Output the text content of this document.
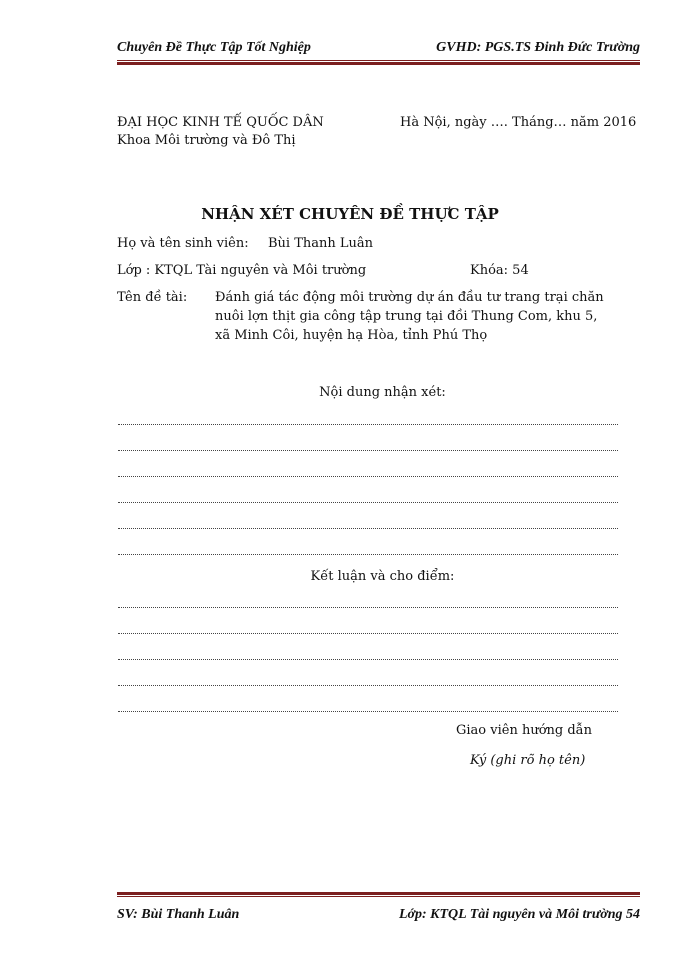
Chuyên Đề Thực Tập Tốt Nghiệp	GVHD: PGS.TS Đinh Đức Trường
ĐẠI HỌC KINH TẾ QUỐC DÂN
Khoa Môi trường và Đô Thị
Hà Nội, ngày …. Tháng… năm 2016
NHẬN XÉT CHUYÊN ĐỀ THỰC TẬP
Họ và tên sinh viên: Bùi Thanh Luân
Lớp : KTQL Tài nguyên và Môi trường	Khóa: 54
Tên đề tài: Đánh giá tác động môi trường dự án đầu tư trang trại chăn
nuôi lợn thịt gia công tập trung tại đồi Thung Com, khu 5,
xã Minh Côi, huyện hạ Hòa, tỉnh Phú Thọ
Nội dung nhận xét:
Kết luận và cho điểm:
Giao viên hướng dẫn
Ký (ghi rõ họ tên)
SV: Bùi Thanh Luân	Lớp: KTQL Tài nguyên và Môi trường 54
